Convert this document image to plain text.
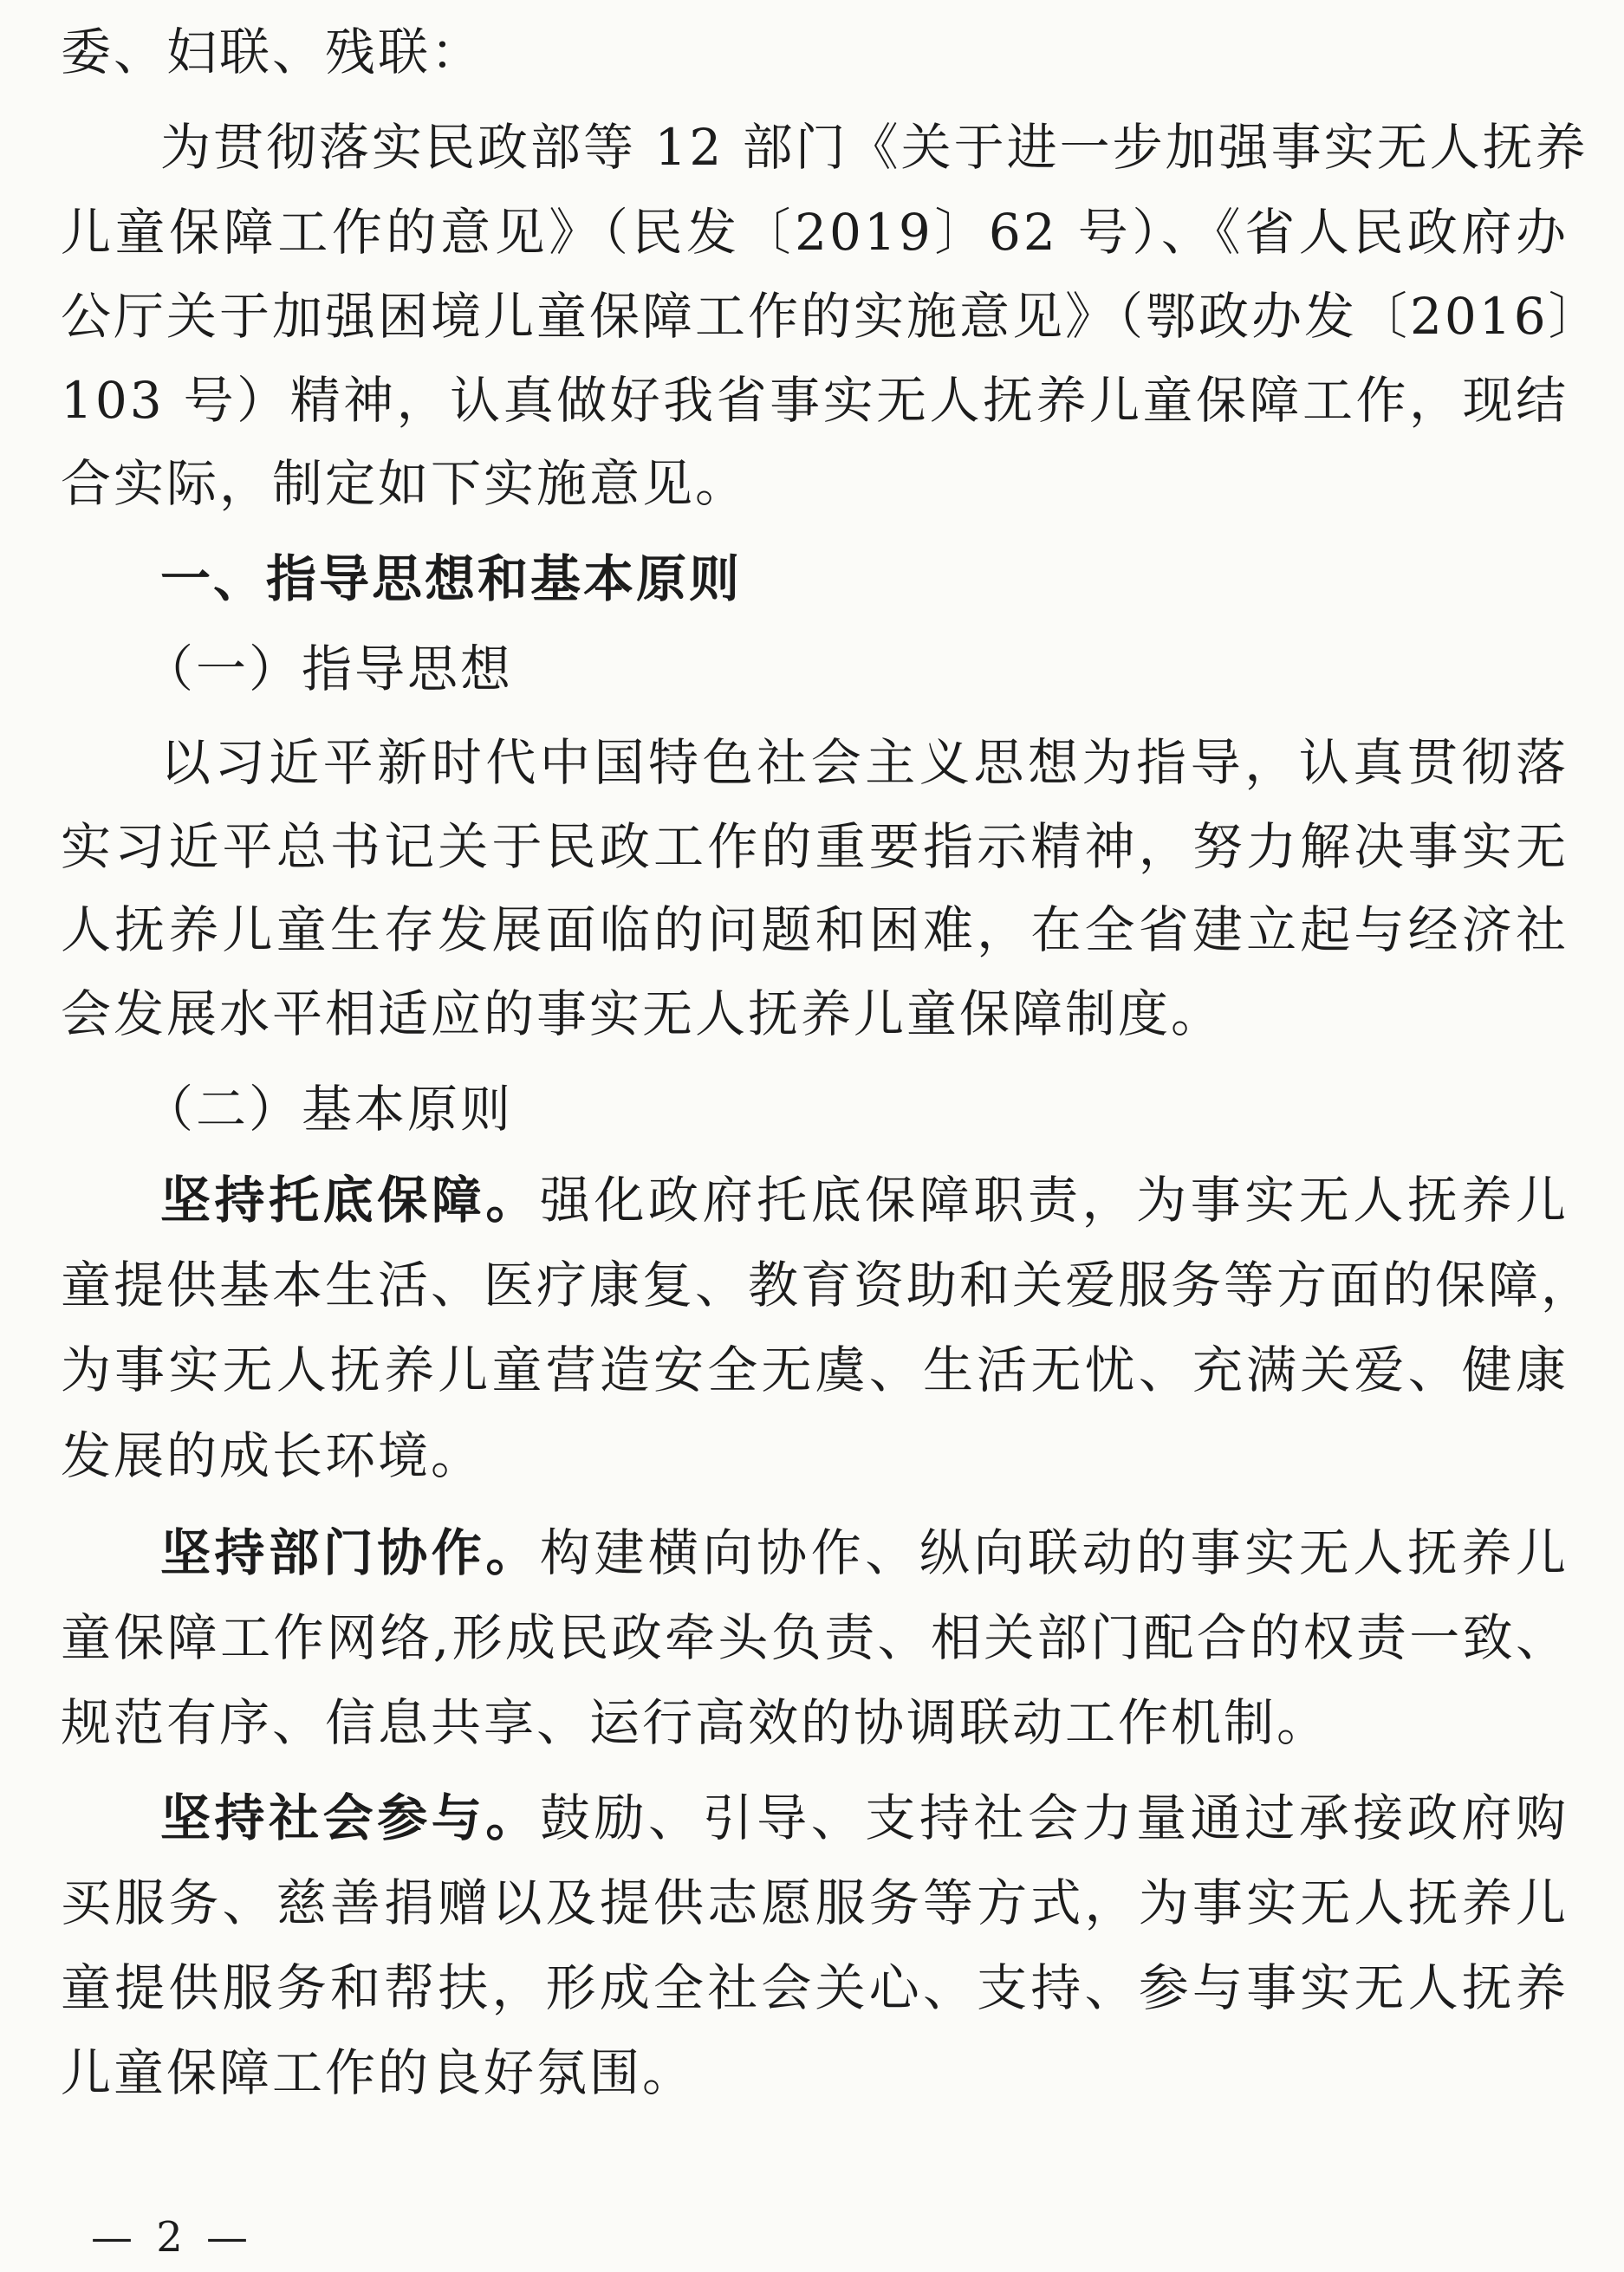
委、妇联、残联：
为贯彻落实民政部等 12 部门《关于进一步加强事实无人抚养
儿童保障工作的意见》（民发〔2019〕62 号）、《省人民政府办
公厅关于加强困境儿童保障工作的实施意见》（鄂政办发〔2016〕
103 号）精神，认真做好我省事实无人抚养儿童保障工作，现结
合实际，制定如下实施意见。
一、指导思想和基本原则
（一）指导思想
以习近平新时代中国特色社会主义思想为指导，认真贯彻落
实习近平总书记关于民政工作的重要指示精神，努力解决事实无
人抚养儿童生存发展面临的问题和困难，在全省建立起与经济社
会发展水平相适应的事实无人抚养儿童保障制度。
（二）基本原则
坚持托底保障。强化政府托底保障职责，为事实无人抚养儿
童提供基本生活、医疗康复、教育资助和关爱服务等方面的保障，
为事实无人抚养儿童营造安全无虞、生活无忧、充满关爱、健康
发展的成长环境。
坚持部门协作。构建横向协作、纵向联动的事实无人抚养儿
童保障工作网络,形成民政牵头负责、相关部门配合的权责一致、
规范有序、信息共享、运行高效的协调联动工作机制。
坚持社会参与。鼓励、引导、支持社会力量通过承接政府购
买服务、慈善捐赠以及提供志愿服务等方式，为事实无人抚养儿
童提供服务和帮扶，形成全社会关心、支持、参与事实无人抚养
儿童保障工作的良好氛围。
— 2 —
